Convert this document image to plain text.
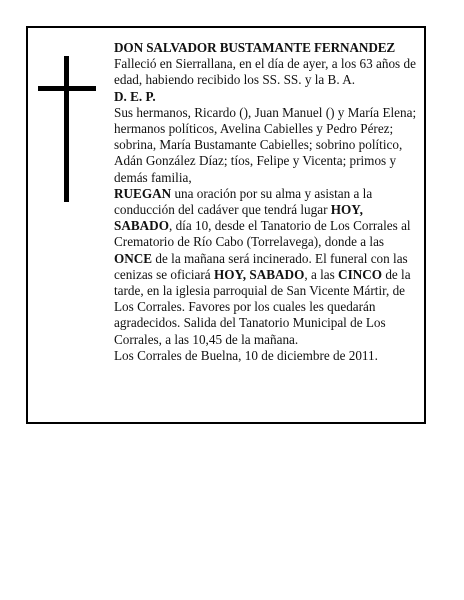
DON SALVADOR BUSTAMANTE FERNANDEZ

Falleció en Sierrallana, en el día de ayer, a los 63 años de edad, habiendo recibido los SS. SS. y la B. A.

D. E. P.

Sus hermanos, Ricardo (), Juan Manuel () y María Elena; hermanos políticos, Avelina Cabielles y Pedro Pérez; sobrina, María Bustamante Cabielles; sobrino político, Adán González Díaz; tíos, Felipe y Vicenta; primos y demás familia,

RUEGAN una oración por su alma y asistan a la conducción del cadáver que tendrá lugar HOY, SABADO, día 10, desde el Tanatorio de Los Corrales al Crematorio de Río Cabo (Torrelavega), donde a las ONCE de la mañana será incinerado. El funeral con las cenizas se oficiará HOY, SABADO, a las CINCO de la tarde, en la iglesia parroquial de San Vicente Mártir, de Los Corrales. Favores por los cuales les quedarán agradecidos. Salida del Tanatorio Municipal de Los Corrales, a las 10,45 de la mañana.

Los Corrales de Buelna, 10 de diciembre de 2011.
